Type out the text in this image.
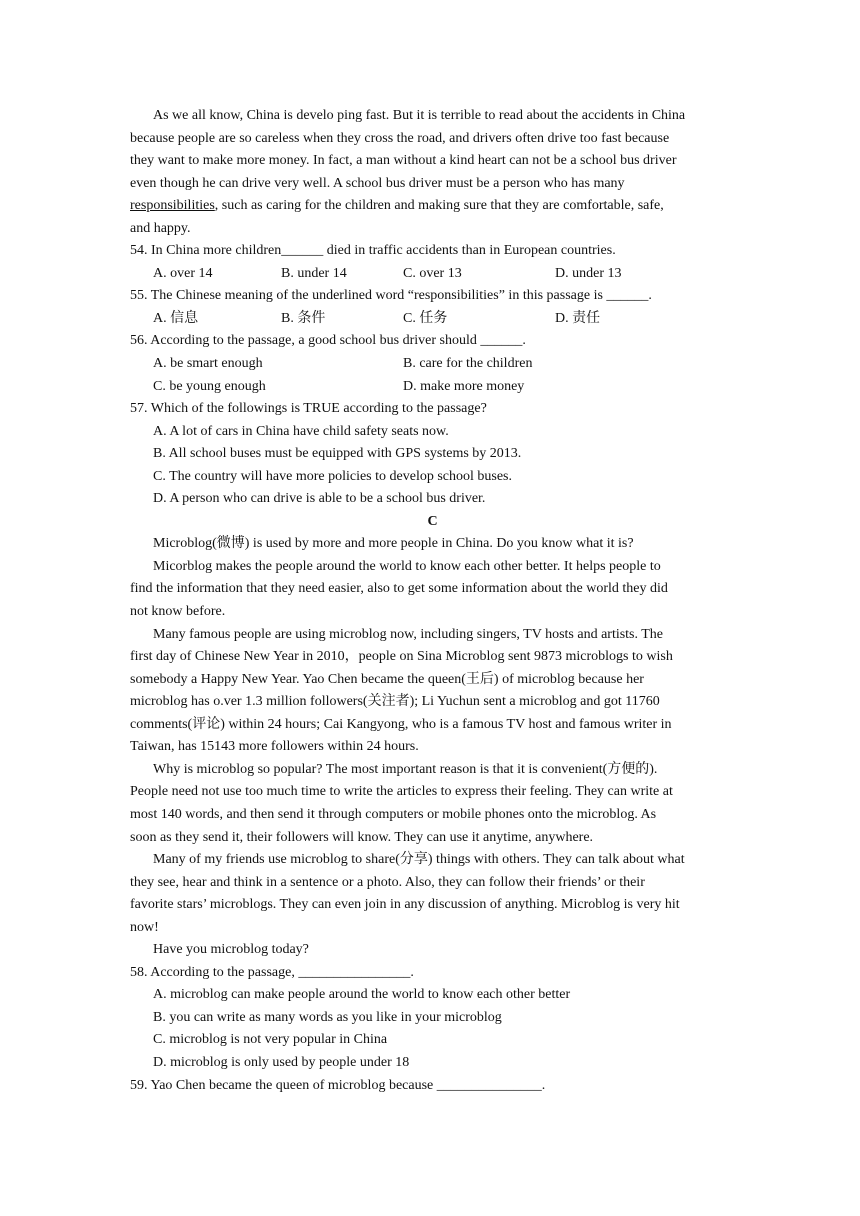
As we all know, China is develo ping fast. But it is terrible to read about the accidents in China
because people are so careless when they cross the road, and drivers often drive too fast because
they want to make more money. In fact, a man without a kind heart can not be a school bus driver
even though he can drive very well. A school bus driver must be a person who has many
responsibilities, such as caring for the children and making sure that they are comfortable, safe,
and happy.
54. In China more children______ died in traffic accidents than in European countries.
A. over 14	B. under 14	C. over 13	D. under 13
55. The Chinese meaning of the underlined word “responsibilities” in this passage is ______.
A. 信息	B. 条件	C. 任务	D. 责任
56. According to the passage, a good school bus driver should ______.
A. be smart enough	B. care for the children
C. be young enough	D. make more money
57. Which of the followings is TRUE according to the passage?
A. A lot of cars in China have child safety seats now.
B. All school buses must be equipped with GPS systems by 2013.
C. The country will have more policies to develop school buses.
D. A person who can drive is able to be a school bus driver.
C
Microblog(微博) is used by more and more people in China. Do you know what it is?
Micorblog makes the people around the world to know each other better. It helps people to
find the information that they need easier, also to get some information about the world they did
not know before.
Many famous people are using microblog now, including singers, TV hosts and artists. The
first day of Chinese New Year in 2010，people on Sina Microblog sent 9873 microblogs to wish
somebody a Happy New Year. Yao Chen became the queen(王后) of microblog because her
microblog has o.ver 1.3 million followers(关注者); Li Yuchun sent a microblog and got 11760
comments(评论) within 24 hours; Cai Kangyong, who is a famous TV host and famous writer in
Taiwan, has 15143 more followers within 24 hours.
Why is microblog so popular? The most important reason is that it is convenient(方便的).
People need not use too much time to write the articles to express their feeling. They can write at
most 140 words, and then send it through computers or mobile phones onto the microblog. As
soon as they send it, their followers will know. They can use it anytime, anywhere.
Many of my friends use microblog to share(分享) things with others. They can talk about what
they see, hear and think in a sentence or a photo. Also, they can follow their friends’ or their
favorite stars’ microblogs. They can even join in any discussion of anything. Microblog is very hit
now!
Have you microblog today?
58. According to the passage, ________________.
A. microblog can make people around the world to know each other better
B. you can write as many words as you like in your microblog
C. microblog is not very popular in China
D. microblog is only used by people under 18
59. Yao Chen became the queen of microblog because _______________.
